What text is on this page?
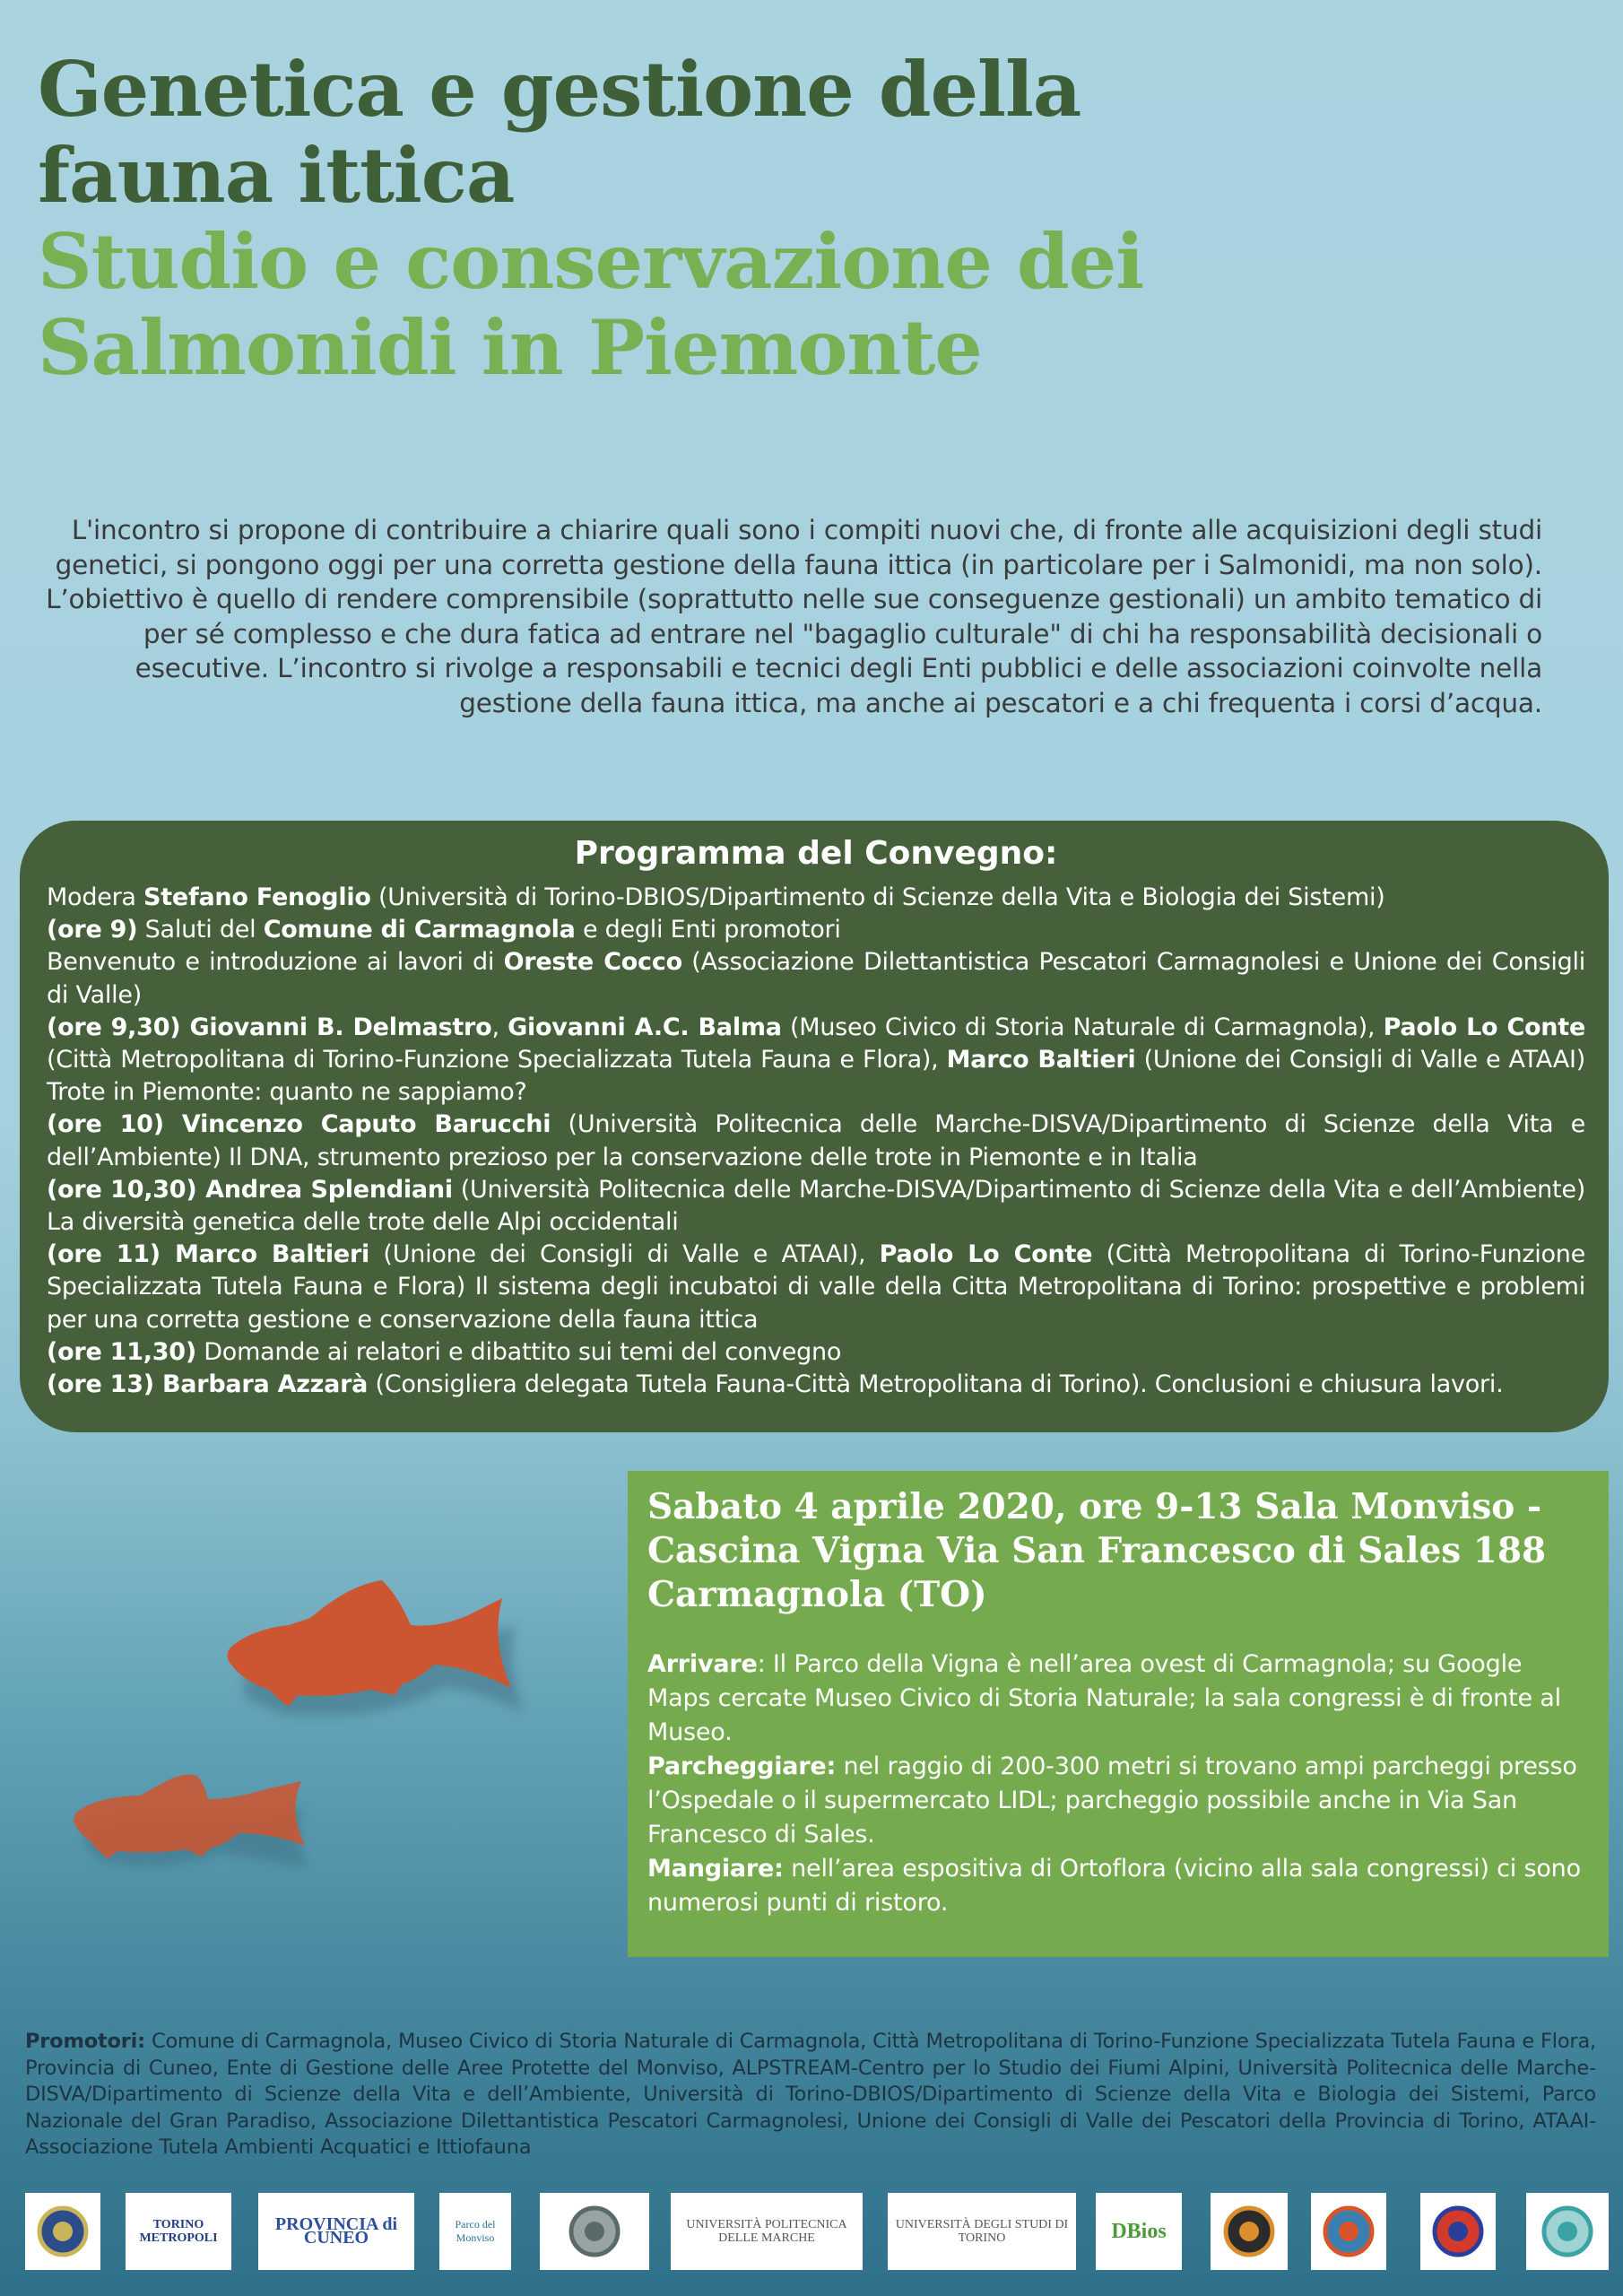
Genetica e gestione della fauna ittica
Studio e conservazione dei Salmonidi in Piemonte

L'incontro si propone di contribuire a chiarire quali sono i compiti nuovi che, di fronte alle acquisizioni degli studi genetici, si pongono oggi per una corretta gestione della fauna ittica (in particolare per i Salmonidi, ma non solo). L’obiettivo è quello di rendere comprensibile (soprattutto nelle sue conseguenze gestionali) un ambito tematico di per sé complesso e che dura fatica ad entrare nel "bagaglio culturale" di chi ha responsabilità decisionali o esecutive. L’incontro si rivolge a responsabili e tecnici degli Enti pubblici e delle associazioni coinvolte nella gestione della fauna ittica, ma anche ai pescatori e a chi frequenta i corsi d’acqua.

Programma del Convegno:
Modera Stefano Fenoglio (Università di Torino-DBIOS/Dipartimento di Scienze della Vita e Biologia dei Sistemi)
(ore 9) Saluti del Comune di Carmagnola e degli Enti promotori
Benvenuto e introduzione ai lavori di Oreste Cocco (Associazione Dilettantistica Pescatori Carmagnolesi e Unione dei Consigli di Valle)
(ore 9,30) Giovanni B. Delmastro, Giovanni A.C. Balma (Museo Civico di Storia Naturale di Carmagnola), Paolo Lo Conte (Città Metropolitana di Torino-Funzione Specializzata Tutela Fauna e Flora), Marco Baltieri (Unione dei Consigli di Valle e ATAAI) Trote in Piemonte: quanto ne sappiamo?
(ore 10) Vincenzo Caputo Barucchi (Università Politecnica delle Marche-DISVA/Dipartimento di Scienze della Vita e dell’Ambiente) Il DNA, strumento prezioso per la conservazione delle trote in Piemonte e in Italia
(ore 10,30) Andrea Splendiani (Università Politecnica delle Marche-DISVA/Dipartimento di Scienze della Vita e dell’Ambiente) La diversità genetica delle trote delle Alpi occidentali
(ore 11) Marco Baltieri (Unione dei Consigli di Valle e ATAAI), Paolo Lo Conte (Città Metropolitana di Torino-Funzione Specializzata Tutela Fauna e Flora) Il sistema degli incubatoi di valle della Citta Metropolitana di Torino: prospettive e problemi per una corretta gestione e conservazione della fauna ittica
(ore 11,30) Domande ai relatori e dibattito sui temi del convegno
(ore 13) Barbara Azzarà (Consigliera delegata Tutela Fauna-Città Metropolitana di Torino). Conclusioni e chiusura lavori.
Sabato 4 aprile 2020, ore 9-13 Sala Monviso - Cascina Vigna Via San Francesco di Sales 188 Carmagnola (TO)
Arrivare: Il Parco della Vigna è nell’area ovest di Carmagnola; su Google Maps cercate Museo Civico di Storia Naturale; la sala congressi è di fronte al Museo.
Parcheggiare: nel raggio di 200-300 metri si trovano ampi parcheggi presso l’Ospedale o il supermercato LIDL; parcheggio possibile anche in Via San Francesco di Sales.
Mangiare: nell’area espositiva di Ortoflora (vicino alla sala congressi) ci sono numerosi punti di ristoro.

Promotori: Comune di Carmagnola, Museo Civico di Storia Naturale di Carmagnola, Città Metropolitana di Torino-Funzione Specializzata Tutela Fauna e Flora, Provincia di Cuneo, Ente di Gestione delle Aree Protette del Monviso, ALPSTREAM-Centro per lo Studio dei Fiumi Alpini, Università Politecnica delle Marche-DISVA/Dipartimento di Scienze della Vita e dell’Ambiente, Università di Torino-DBIOS/Dipartimento di Scienze della Vita e Biologia dei Sistemi, Parco Nazionale del Gran Paradiso, Associazione Dilettantistica Pescatori Carmagnolesi, Unione dei Consigli di Valle dei Pescatori della Provincia di Torino, ATAAI-Associazione Tutela Ambienti Acquatici e Ittiofauna

TORINO METROPOLI
PROVINCIA di CUNEO
Parco del Monviso
UNIVERSITÀ POLITECNICA DELLE MARCHE
UNIVERSITÀ DEGLI STUDI DI TORINO	DBios
